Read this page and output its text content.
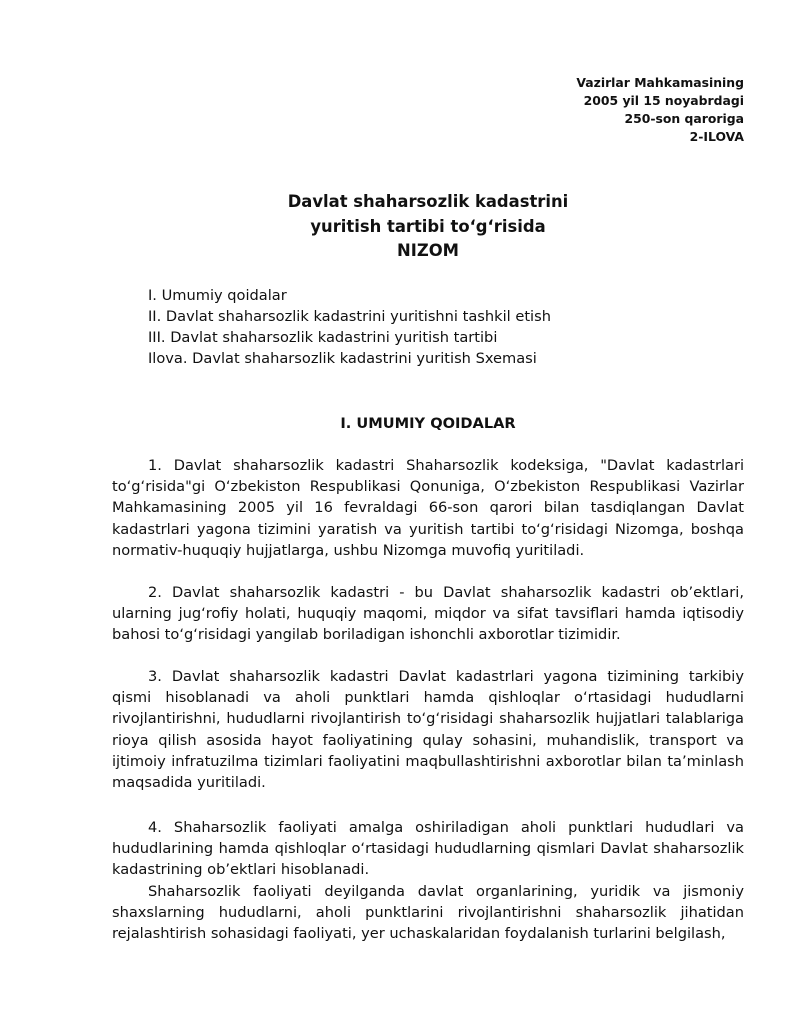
Vazirlar Mahkamasining
2005 yil 15 noyabrdagi
250-son qaroriga
2-ILOVA
Davlat shaharsozlik kadastrini
yuritish tartibi to‘g‘risida
NIZOM
I. Umumiy qoidalar
II. Davlat shaharsozlik kadastrini yuritishni tashkil etish
III. Davlat shaharsozlik kadastrini yuritish tartibi
Ilova. Davlat shaharsozlik kadastrini yuritish Sxemasi
I. UMUMIY QOIDALAR

1. Davlat shaharsozlik kadastri Shaharsozlik kodeksiga, "Davlat kadastrlari to‘g‘risida"gi O‘zbekiston Respublikasi Qonuniga, O‘zbekiston Respublikasi Vazirlar Mahkamasining 2005 yil 16 fevraldagi 66-son qarori bilan tasdiqlangan Davlat kadastrlari yagona tizimini yaratish va yuritish tartibi to‘g‘risidagi Nizomga, boshqa normativ-huquqiy hujjatlarga, ushbu Nizomga muvofiq yuritiladi.

2. Davlat shaharsozlik kadastri - bu Davlat shaharsozlik kadastri ob’ektlari, ularning jug‘rofiy holati, huquqiy maqomi, miqdor va sifat tavsiflari hamda iqtisodiy bahosi to‘g‘risidagi yangilab boriladigan ishonchli axborotlar tizimidir.

3. Davlat shaharsozlik kadastri Davlat kadastrlari yagona tizimining tarkibiy qismi hisoblanadi va aholi punktlari hamda qishloqlar o‘rtasidagi hududlarni rivojlantirishni, hududlarni rivojlantirish to‘g‘risidagi shaharsozlik hujjatlari talablariga rioya qilish asosida hayot faoliyatining qulay sohasini, muhandislik, transport va ijtimoiy infratuzilma tizimlari faoliyatini maqbullashtirishni axborotlar bilan ta’minlash maqsadida yuritiladi.

4. Shaharsozlik faoliyati amalga oshiriladigan aholi punktlari hududlari va hududlarining hamda qishloqlar o‘rtasidagi hududlarning qismlari Davlat shaharsozlik kadastrining ob’ektlari hisoblanadi.

Shaharsozlik faoliyati deyilganda davlat organlarining, yuridik va jismoniy shaxslarning hududlarni, aholi punktlarini rivojlantirishni shaharsozlik jihatidan rejalashtirish sohasidagi faoliyati, yer uchaskalaridan foydalanish turlarini belgilash,
